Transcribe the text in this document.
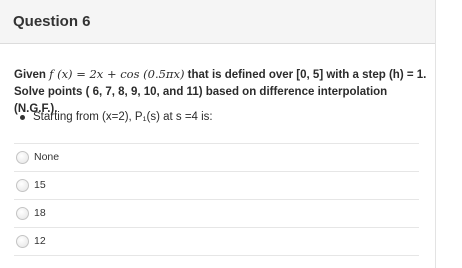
Question 6
Given f (x) = 2x + cos (0.5πx) that is defined over [0, 5] with a step (h) = 1. Solve points ( 6, 7, 8, 9, 10, and 11) based on difference interpolation (N.G.F.).
Starting from (x=2), P₁(s) at s =4 is:
None
15
18
12
